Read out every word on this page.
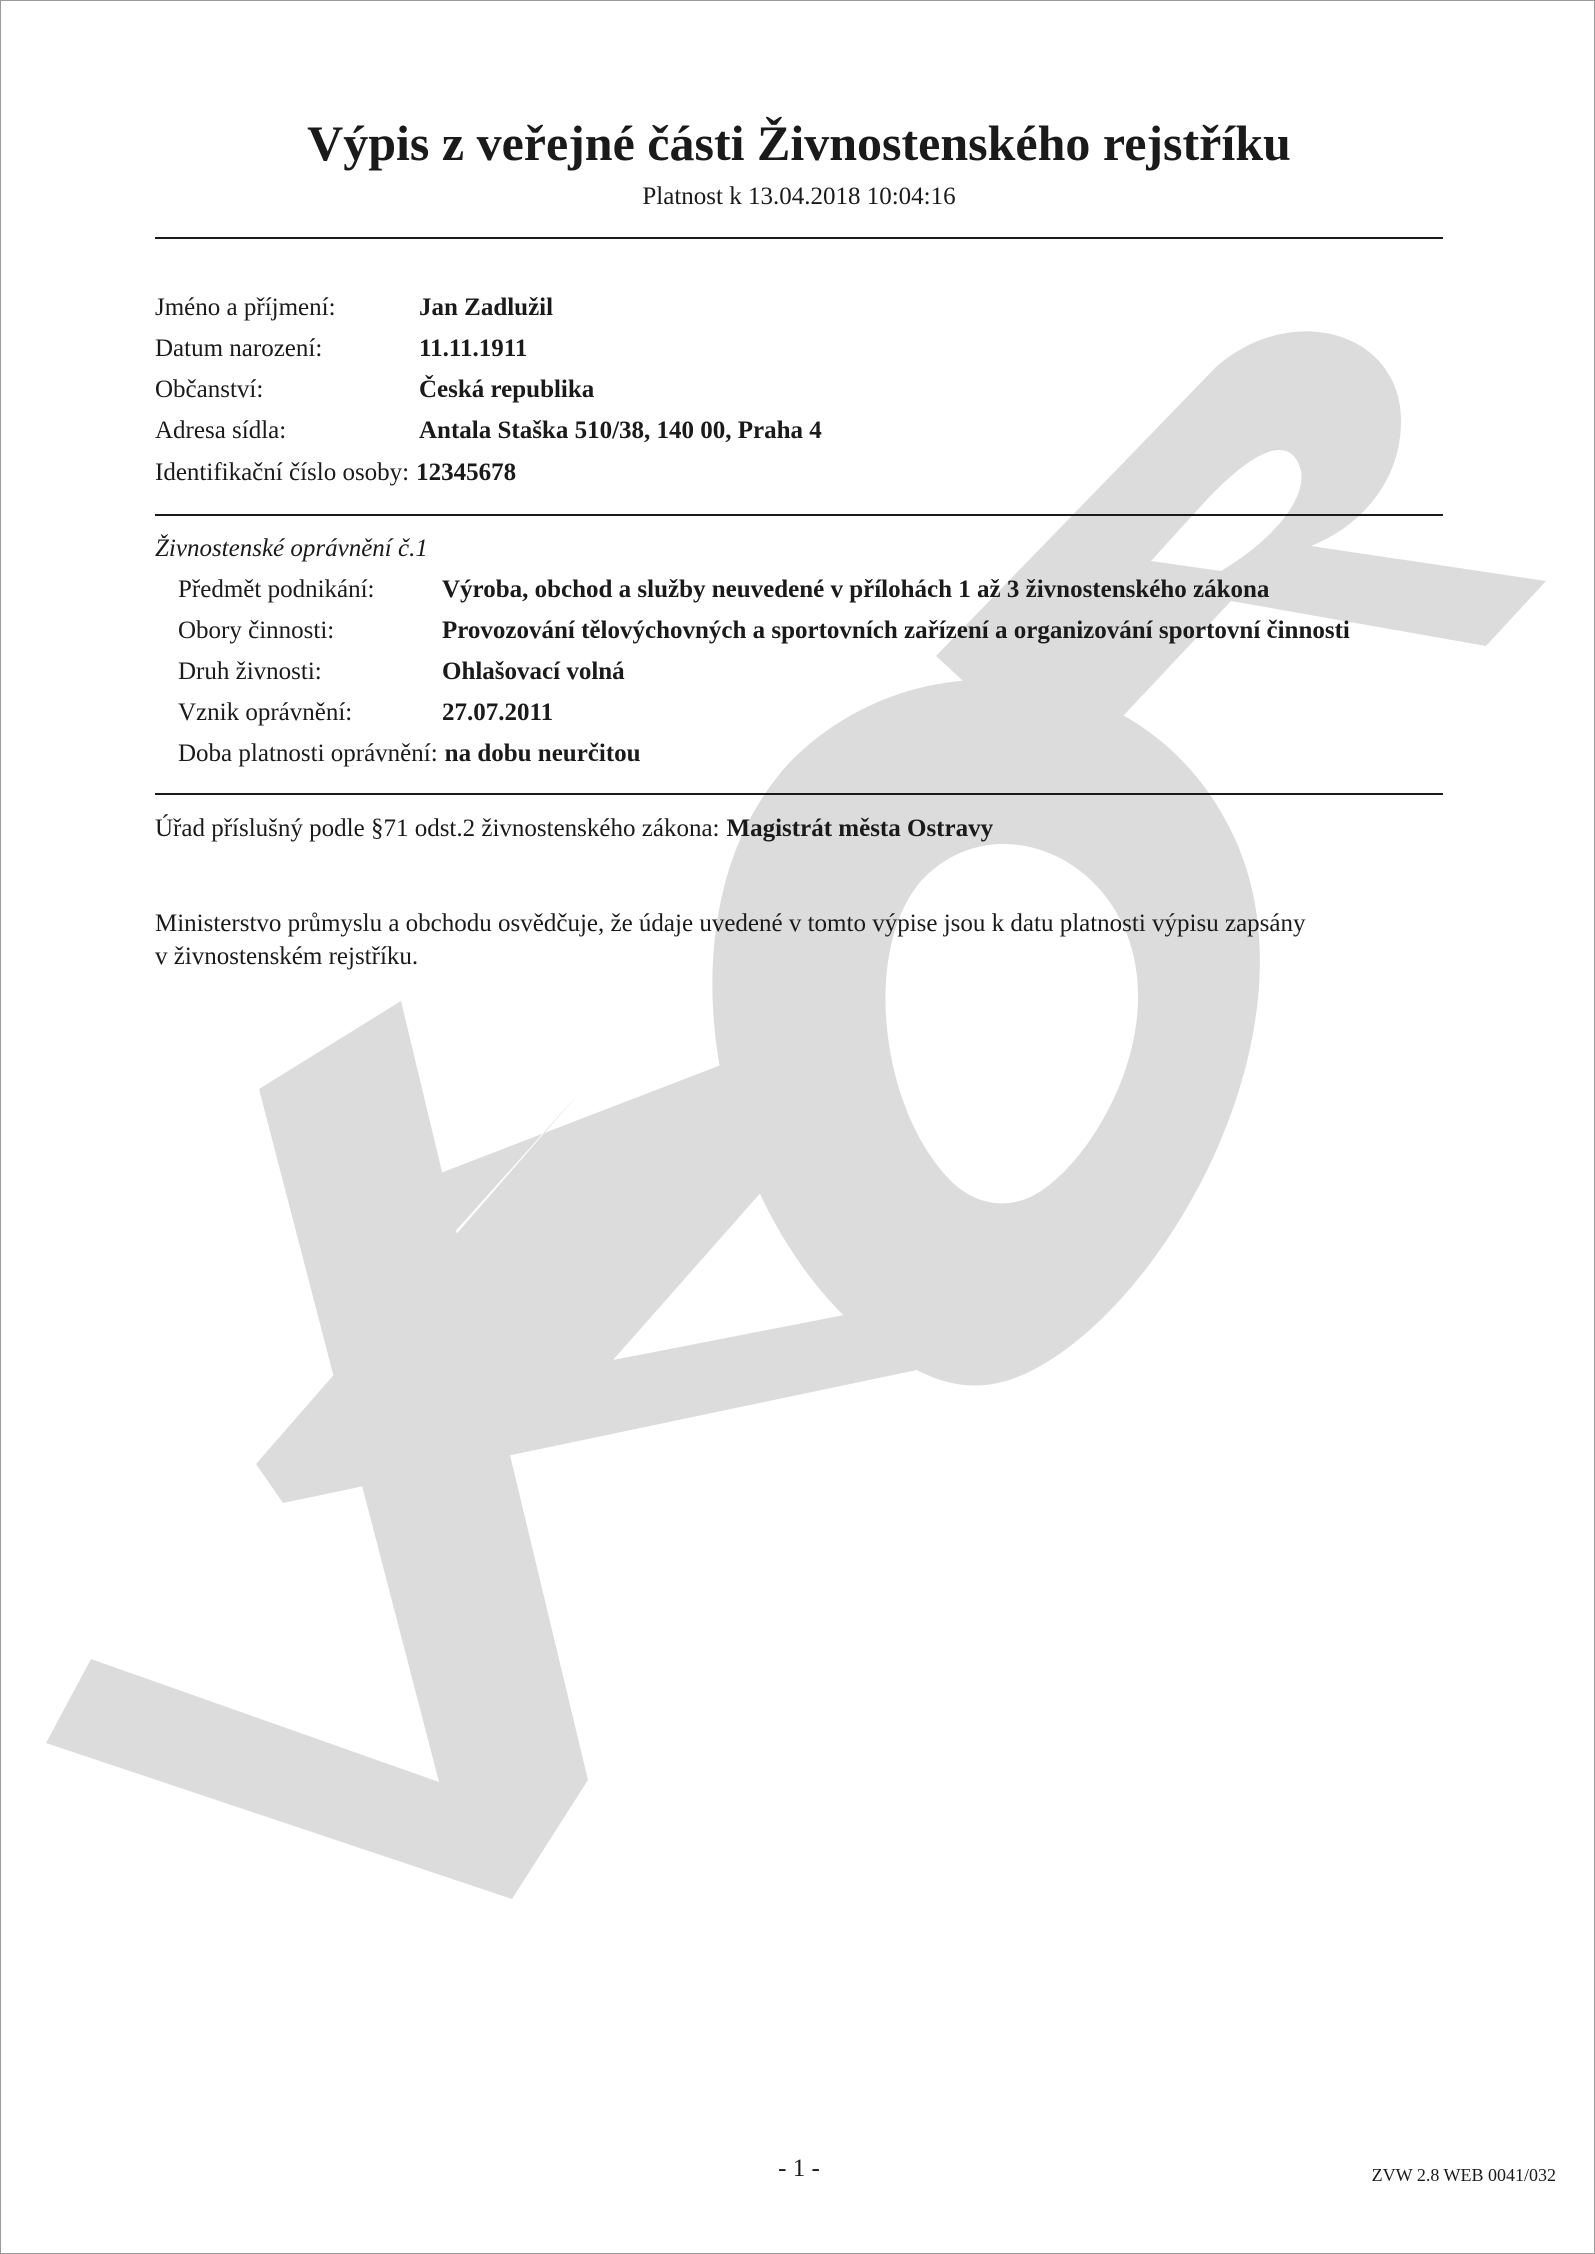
Výpis z veřejné části Živnostenského rejstříku
Platnost k 13.04.2018 10:04:16
Jméno a příjmení:	Jan Zadlužil
Datum narození:	11.11.1911
Občanství:	Česká republika
Adresa sídla:	Antala Staška 510/38, 140 00, Praha 4
Identifikační číslo osoby: 12345678
Živnostenské oprávnění č.1
Předmět podnikání:	Výroba, obchod a služby neuvedené v přílohách 1 až 3 živnostenského zákona
Obory činnosti:	Provozování tělovýchovných a sportovních zařízení a organizování sportovní činnosti
Druh živnosti:	Ohlašovací volná
Vznik oprávnění:	27.07.2011
Doba platnosti oprávnění: na dobu neurčitou
Úřad příslušný podle §71 odst.2 živnostenského zákona: Magistrát města Ostravy
Ministerstvo průmyslu a obchodu osvědčuje, že údaje uvedené v tomto výpise jsou k datu platnosti výpisu zapsány
v živnostenském rejstříku.
- 1 -	ZVW 2.8 WEB 0041/032
